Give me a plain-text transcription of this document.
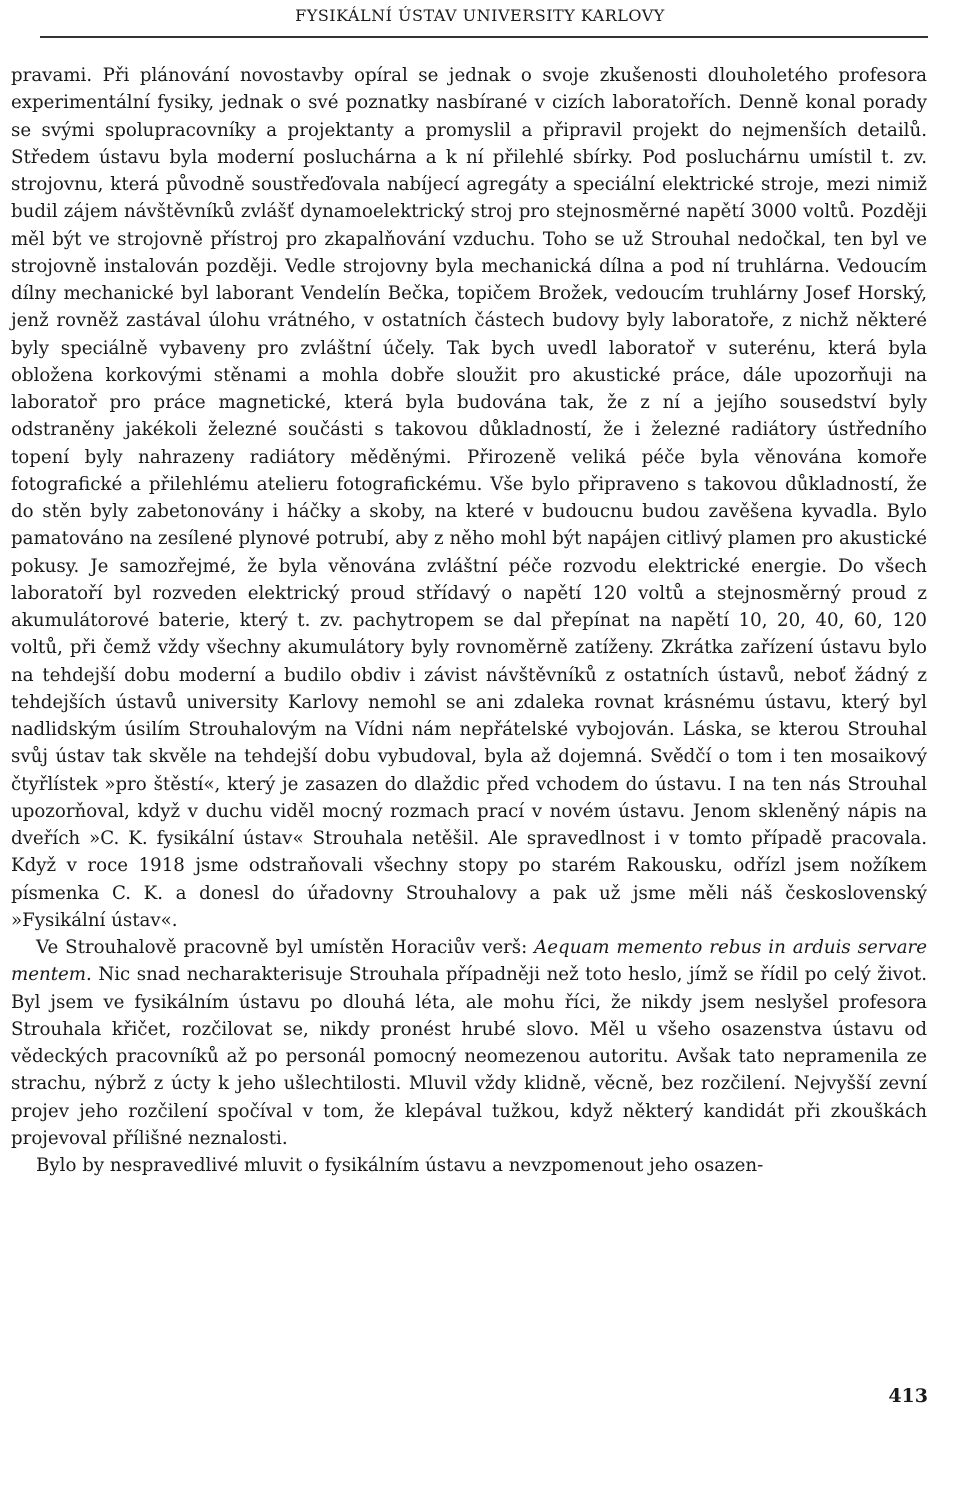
FYSIKÁLNÍ ÚSTAV UNIVERSITY KARLOVY

pravami. Při plánování novostavby opíral se jednak o svoje zkušenosti dlouholetého profesora experimentální fysiky, jednak o své poznatky nasbírané v cizích laboratořích. Denně konal porady se svými spolupracovníky a projektanty a promyslil a připravil projekt do nejmenších detailů. Středem ústavu byla moderní posluchárna a k ní přilehlé sbírky. Pod posluchárnu umístil t. zv. strojovnu, která původně soustřeďovala nabíjecí agregáty a speciální elektrické stroje, mezi nimiž budil zájem návštěvníků zvlášť dynamoelektrický stroj pro stejnosměrné napětí 3000 voltů. Později měl být ve strojovně přístroj pro zkapalňování vzduchu. Toho se už Strouhal nedočkal, ten byl ve strojovně instalován později. Vedle strojovny byla mechanická dílna a pod ní truhlárna. Vedoucím dílny mechanické byl laborant Vendelín Bečka, topičem Brožek, vedoucím truhlárny Josef Horský, jenž rovněž zastával úlohu vrátného, v ostatních částech budovy byly laboratoře, z nichž některé byly speciálně vybaveny pro zvláštní účely. Tak bych uvedl laboratoř v suterénu, která byla obložena korkovými stěnami a mohla dobře sloužit pro akustické práce, dále upozorňuji na laboratoř pro práce magnetické, která byla budována tak, že z ní a jejího sousedství byly odstraněny jakékoli železné součásti s takovou důkladností, že i železné radiátory ústředního topení byly nahrazeny radiátory měděnými. Přirozeně veliká péče byla věnována komoře fotografické a přilehlému atelieru fotografickému. Vše bylo připraveno s takovou důkladností, že do stěn byly zabetonovány i háčky a skoby, na které v budoucnu budou zavěšena kyvadla. Bylo pamatováno na zesílené plynové potrubí, aby z něho mohl být napájen citlivý plamen pro akustické pokusy. Je samozřejmé, že byla věnována zvláštní péče rozvodu elektrické energie. Do všech laboratoří byl rozveden elektrický proud střídavý o napětí 120 voltů a stejnosměrný proud z akumulátorové baterie, který t. zv. pachytropem se dal přepínat na napětí 10, 20, 40, 60, 120 voltů, při čemž vždy všechny akumulátory byly rovnoměrně zatíženy. Zkrátka zařízení ústavu bylo na tehdejší dobu moderní a budilo obdiv i závist návštěvníků z ostatních ústavů, neboť žádný z tehdejších ústavů university Karlovy nemohl se ani zdaleka rovnat krásnému ústavu, který byl nadlidským úsilím Strouhalovým na Vídni nám nepřátelské vybojován. Láska, se kterou Strouhal svůj ústav tak skvěle na tehdejší dobu vybudoval, byla až dojemná. Svědčí o tom i ten mosaikový čtyřlístek »pro štěstí«, který je zasazen do dlaždic před vchodem do ústavu. I na ten nás Strouhal upozorňoval, když v duchu viděl mocný rozmach prací v novém ústavu. Jenom skleněný nápis na dveřích »C. K. fysikální ústav« Strouhala netěšil. Ale spravedlnost i v tomto případě pracovala. Když v roce 1918 jsme odstraňovali všechny stopy po starém Rakousku, odřízl jsem nožíkem písmenka C. K. a donesl do úřadovny Strouhalovy a pak už jsme měli náš československý »Fysikální ústav«.

Ve Strouhalově pracovně byl umístěn Horaciův verš: Aequam memento rebus in arduis servare mentem. Nic snad necharakterisuje Strouhala případněji než toto heslo, jímž se řídil po celý život. Byl jsem ve fysikálním ústavu po dlouhá léta, ale mohu říci, že nikdy jsem neslyšel profesora Strouhala křičet, rozčilovat se, nikdy pronést hrubé slovo. Měl u všeho osazenstva ústavu od vědeckých pracovníků až po personál pomocný neomezenou autoritu. Avšak tato nepramenila ze strachu, nýbrž z úcty k jeho ušlechtilosti. Mluvil vždy klidně, věcně, bez rozčilení. Nejvyšší zevní projev jeho rozčilení spočíval v tom, že klepával tužkou, když některý kandidát při zkouškách projevoval přílišné neznalosti.

Bylo by nespravedlivé mluvit o fysikálním ústavu a nevzpomenout jeho osazen-

413
